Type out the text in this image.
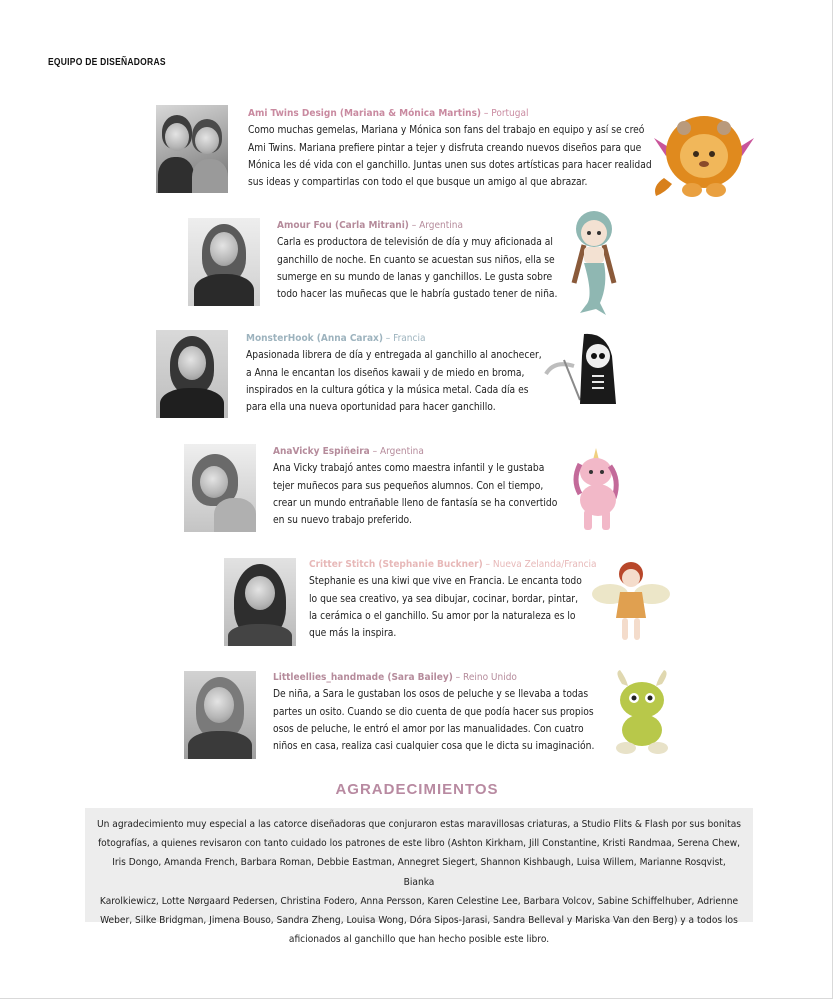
EQUIPO DE DISEÑADORAS
Ami Twins Design (Mariana & Mónica Martins) – Portugal
Como muchas gemelas, Mariana y Mónica son fans del trabajo en equipo y así se creó
Ami Twins. Mariana prefiere pintar a tejer y disfruta creando nuevos diseños para que
Mónica les dé vida con el ganchillo. Juntas unen sus dotes artísticas para hacer realidad
sus ideas y compartirlas con todo el que busque un amigo al que abrazar.
Amour Fou (Carla Mitrani) – Argentina
Carla es productora de televisión de día y muy aficionada al
ganchillo de noche. En cuanto se acuestan sus niños, ella se
sumerge en su mundo de lanas y ganchillos. Le gusta sobre
todo hacer las muñecas que le habría gustado tener de niña.
MonsterHook (Anna Carax) – Francia
Apasionada librera de día y entregada al ganchillo al anochecer,
a Anna le encantan los diseños kawaii y de miedo en broma,
inspirados en la cultura gótica y la música metal. Cada día es
para ella una nueva oportunidad para hacer ganchillo.
AnaVicky Espiñeira – Argentina
Ana Vicky trabajó antes como maestra infantil y le gustaba
tejer muñecos para sus pequeños alumnos. Con el tiempo,
crear un mundo entrañable lleno de fantasía se ha convertido
en su nuevo trabajo preferido.
Critter Stitch (Stephanie Buckner) – Nueva Zelanda/Francia
Stephanie es una kiwi que vive en Francia. Le encanta todo
lo que sea creativo, ya sea dibujar, cocinar, bordar, pintar,
la cerámica o el ganchillo. Su amor por la naturaleza es lo
que más la inspira.
Littleellies_handmade (Sara Bailey) – Reino Unido
De niña, a Sara le gustaban los osos de peluche y se llevaba a todas
partes un osito. Cuando se dio cuenta de que podía hacer sus propios
osos de peluche, le entró el amor por las manualidades. Con cuatro
niños en casa, realiza casi cualquier cosa que le dicta su imaginación.
AGRADECIMIENTOS
Un agradecimiento muy especial a las catorce diseñadoras que conjuraron estas maravillosas criaturas, a Studio Flits & Flash por sus bonitas
fotografías, a quienes revisaron con tanto cuidado los patrones de este libro (Ashton Kirkham, Jill Constantine, Kristi Randmaa, Serena Chew,
Iris Dongo, Amanda French, Barbara Roman, Debbie Eastman, Annegret Siegert, Shannon Kishbaugh, Luisa Willem, Marianne Rosqvist, Bianka
Karolkiewicz, Lotte Nørgaard Pedersen, Christina Fodero, Anna Persson, Karen Celestine Lee, Barbara Volcov, Sabine Schiffelhuber, Adrienne
Weber, Silke Bridgman, Jimena Bouso, Sandra Zheng, Louisa Wong, Dóra Sipos-Jarasi, Sandra Belleval y Mariska Van den Berg) y a todos los
aficionados al ganchillo que han hecho posible este libro.
